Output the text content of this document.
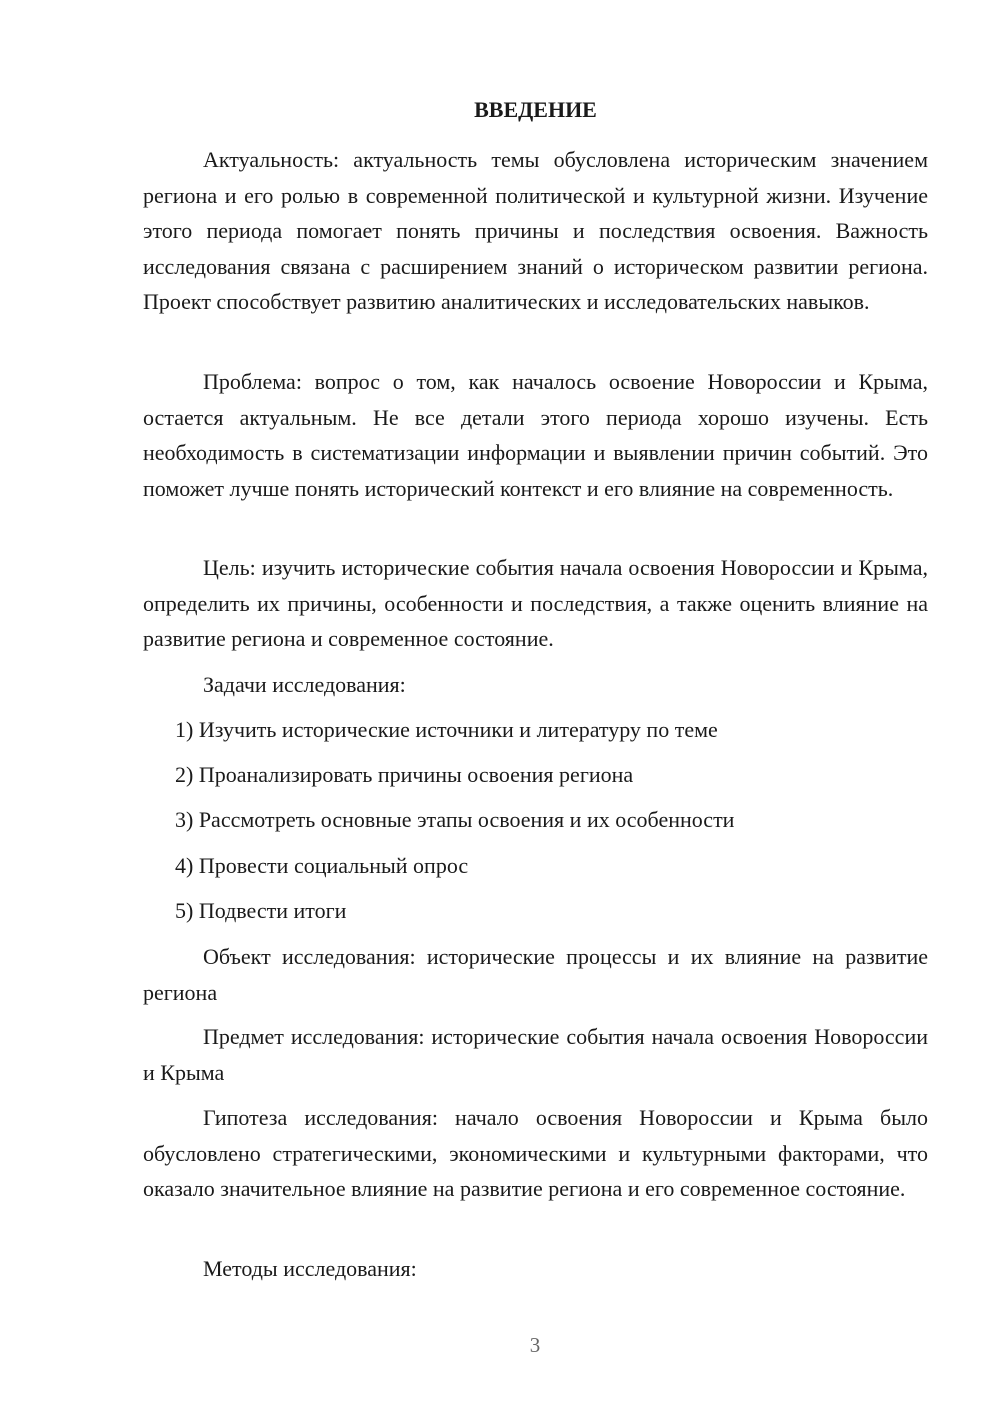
ВВЕДЕНИЕ

Актуальность: актуальность темы обусловлена историческим значением региона и его ролью в современной политической и культурной жизни. Изучение этого периода помогает понять причины и последствия освоения. Важность исследования связана с расширением знаний о историческом развитии региона. Проект способствует развитию аналитических и исследовательских навыков.

Проблема: вопрос о том, как началось освоение Новороссии и Крыма, остается актуальным. Не все детали этого периода хорошо изучены. Есть необходимость в систематизации информации и выявлении причин событий. Это поможет лучше понять исторический контекст и его влияние на современность.

Цель: изучить исторические события начала освоения Новороссии и Крыма, определить их причины, особенности и последствия, а также оценить влияние на развитие региона и современное состояние.

Задачи исследования:

1) Изучить исторические источники и литературу по теме

2) Проанализировать причины освоения региона

3) Рассмотреть основные этапы освоения и их особенности

4) Провести социальный опрос

5) Подвести итоги

Объект исследования: исторические процессы и их влияние на развитие региона

Предмет исследования: исторические события начала освоения Новороссии и Крыма

Гипотеза исследования: начало освоения Новороссии и Крыма было обусловлено стратегическими, экономическими и культурными факторами, что оказало значительное влияние на развитие региона и его современное состояние.

Методы исследования:

3
